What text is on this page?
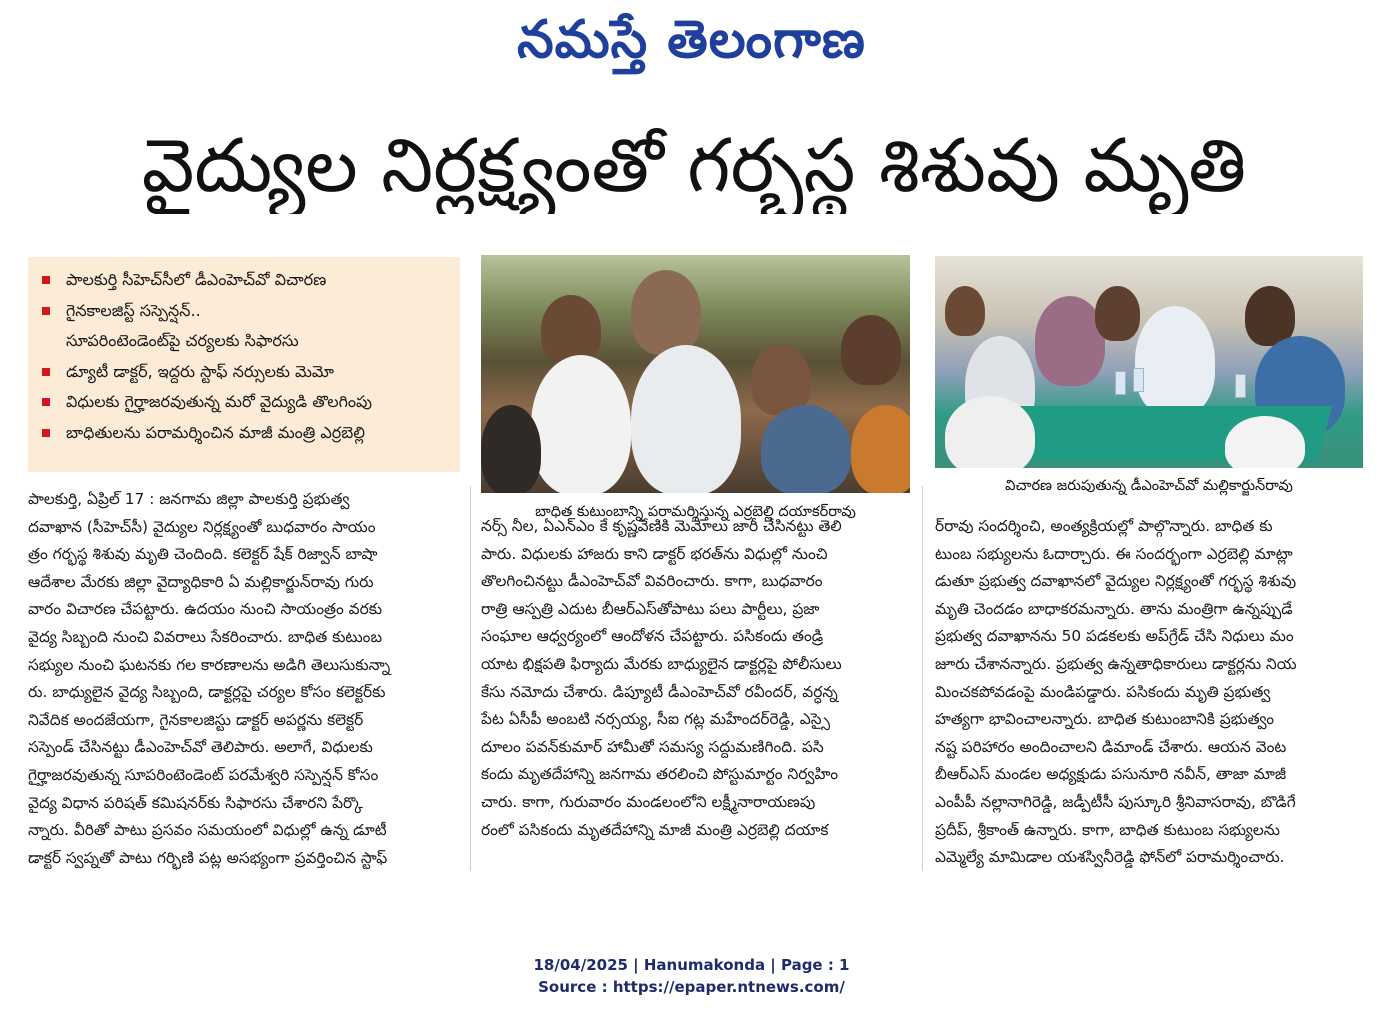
నమస్తే తెలంగాణ
వైద్యుల నిర్లక్ష్యంతో గర్భస్థ శిశువు మృతి
పాలకుర్తి సీహెచ్‌సీలో డీఎంహెచ్‌వో విచారణ
గైనకాలజిస్ట్ సస్పెన్షన్..
సూపరింటెండెంట్‌పై చర్యలకు సిఫారసు
డ్యూటీ డాక్టర్, ఇద్దరు స్టాఫ్ నర్సులకు మెమో
విధులకు గైర్హాజరవుతున్న మరో వైద్యుడి తొలగింపు
బాధితులను పరామర్శించిన మాజీ మంత్రి ఎర్రబెల్లి
బాధిత కుటుంబాన్ని పరామర్శిస్తున్న ఎర్రబెల్లి దయాకర్‌రావు
విచారణ జరుపుతున్న డీఎంహెచ్‌వో మల్లికార్జున్‌రావు

పాలకుర్తి, ఏప్రిల్ 17 : జనగామ జిల్లా పాలకుర్తి ప్రభుత్వ

దవాఖాన (సీహెచ్‌సీ) వైద్యుల నిర్లక్ష్యంతో బుధవారం సాయం

త్రం గర్భస్థ శిశువు మృతి చెందింది. కలెక్టర్ షేక్ రిజ్వాన్ బాషా

ఆదేశాల మేరకు జిల్లా వైద్యాధికారి ఏ మల్లికార్జున్‌రావు గురు

వారం విచారణ చేపట్టారు. ఉదయం నుంచి సాయంత్రం వరకు

వైద్య సిబ్బంది నుంచి వివరాలు సేకరించారు. బాధిత కుటుంబ

సభ్యుల నుంచి ఘటనకు గల కారణాలను అడిగి తెలుసుకున్నా

రు. బాధ్యులైన వైద్య సిబ్బంది, డాక్టర్లపై చర్యల కోసం కలెక్టర్‌కు

నివేదిక అందజేయగా, గైనకాలజిస్టు డాక్టర్ అపర్ణను కలెక్టర్

సస్పెండ్ చేసినట్టు డీఎంహెచ్‌వో తెలిపారు. అలాగే, విధులకు

గైర్హాజరవుతున్న సూపరింటెండెంట్ పరమేశ్వరి సస్పెన్షన్ కోసం

వైద్య విధాన పరిషత్ కమిషనర్‌కు సిఫారసు చేశారని పేర్కొ

న్నారు. వీరితో పాటు ప్రసవం సమయంలో విధుల్లో ఉన్న డూటీ

డాక్టర్ స్వప్నతో పాటు గర్భిణి పట్ల అసభ్యంగా ప్రవర్తించిన స్టాఫ్

నర్స్ నీల, ఏఎన్‌ఎం కే కృష్ణవేణికి మెమోలు జారీ చేసినట్టు తెలి

పారు. విధులకు హాజరు కాని డాక్టర్ భరత్‌ను విధుల్లో నుంచి

తొలగించినట్టు డీఎంహెచ్‌వో వివరించారు. కాగా, బుధవారం

రాత్రి ఆస్పత్రి ఎదుట బీఆర్‌ఎస్‌తోపాటు పలు పార్టీలు, ప్రజా

సంఘాల ఆధ్వర్యంలో ఆందోళన చేపట్టారు. పసికందు తండ్రి

యాట భిక్షపతి ఫిర్యాదు మేరకు బాధ్యులైన డాక్టర్లపై పోలీసులు

కేసు నమోదు చేశారు. డిప్యూటీ డీఎంహెచ్‌వో రవీందర్, వర్ధన్న

పేట ఏసీపీ అంబటి నర్సయ్య, సీఐ గట్ల మహేందర్‌రెడ్డి, ఎస్సై

దూలం పవన్‌కుమార్ హామీతో సమస్య సద్దుమణిగింది. పసి

కందు మృతదేహాన్ని జనగామ తరలించి పోస్టుమార్టం నిర్వహిం

చారు. కాగా, గురువారం మండలంలోని లక్ష్మీనారాయణపు

రంలో పసికందు మృతదేహాన్ని మాజీ మంత్రి ఎర్రబెల్లి దయాక

ర్‌రావు సందర్శించి, అంత్యక్రియల్లో పాల్గొన్నారు. బాధిత కు

టుంబ సభ్యులను ఓదార్చారు. ఈ సందర్భంగా ఎర్రబెల్లి మాట్లా

డుతూ ప్రభుత్వ దవాఖానలో వైద్యుల నిర్లక్ష్యంతో గర్భస్థ శిశువు

మృతి చెందడం బాధాకరమన్నారు. తాను మంత్రిగా ఉన్నప్పుడే

ప్రభుత్వ దవాఖానను 50 పడకలకు అప్‌గ్రేడ్ చేసి నిధులు మం

జూరు చేశానన్నారు. ప్రభుత్వ ఉన్నతాధికారులు డాక్టర్లను నియ

మించకపోవడంపై మండిపడ్డారు. పసికందు మృతి ప్రభుత్వ

హత్యగా భావించాలన్నారు. బాధిత కుటుంబానికి ప్రభుత్వం

నష్ట పరిహారం అందించాలని డిమాండ్ చేశారు. ఆయన వెంట

బీఆర్‌ఎస్ మండల అధ్యక్షుడు పసునూరి నవీన్, తాజా మాజీ

ఎంపీపీ నల్లానాగిరెడ్డి, జడ్పీటీసీ పుస్కూరి శ్రీనివాసరావు, బొడిగే

ప్రదీప్, శ్రీకాంత్ ఉన్నారు. కాగా, బాధిత కుటుంబ సభ్యులను

ఎమ్మెల్యే మామిడాల యశస్వినీరెడ్డి ఫోన్‌లో పరామర్శించారు.

18/04/2025 | Hanumakonda | Page : 1
Source : https://epaper.ntnews.com/
